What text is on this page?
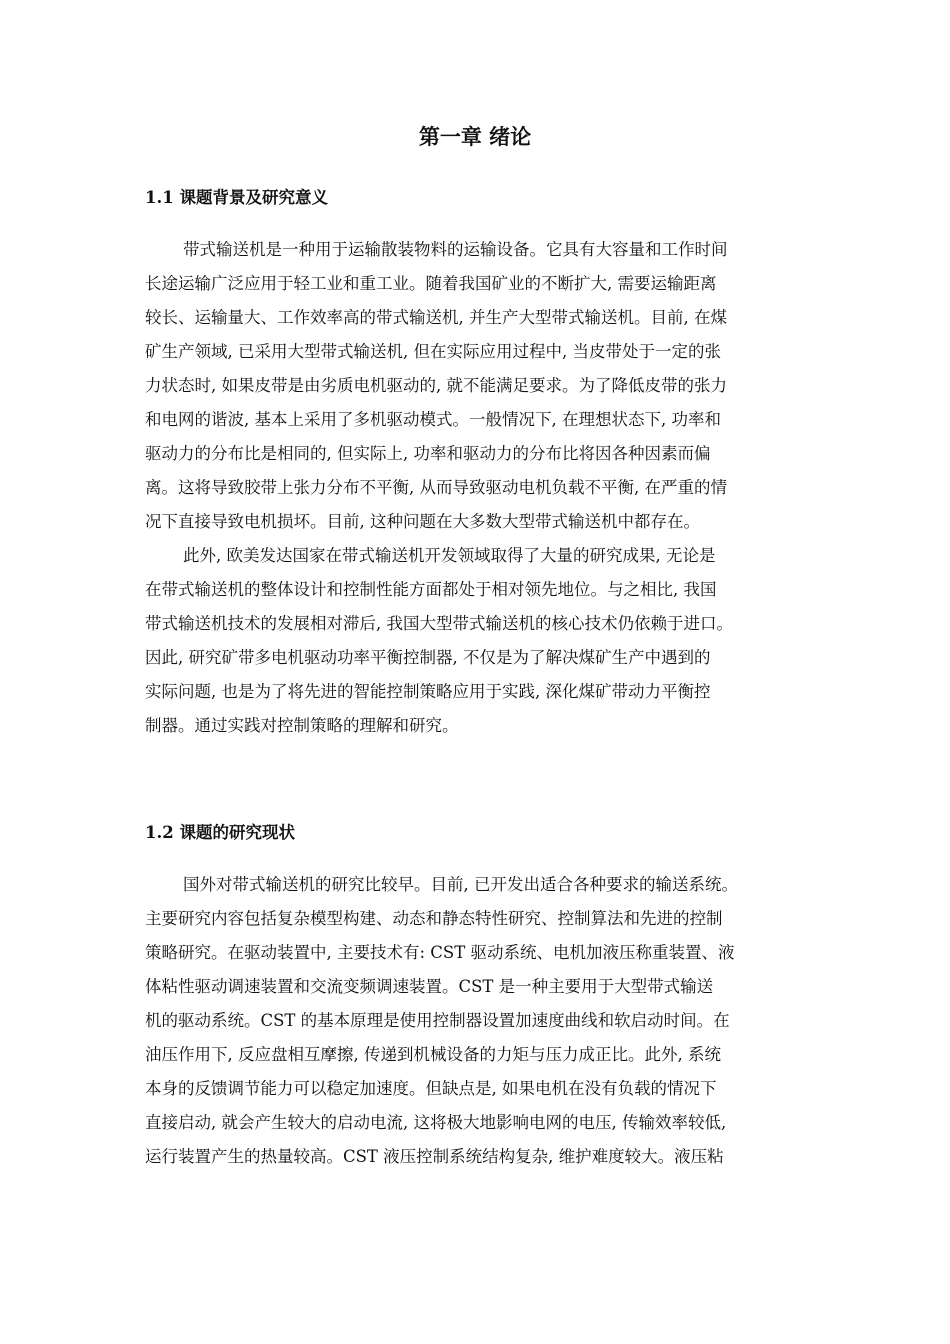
第一章 绪论
1.1 课题背景及研究意义

带式输送机是一种用于运输散装物料的运输设备。它具有大容量和工作时间

长途运输广泛应用于轻工业和重工业。随着我国矿业的不断扩大, 需要运输距离

较长、运输量大、工作效率高的带式输送机, 并生产大型带式输送机。目前, 在煤

矿生产领域, 已采用大型带式输送机, 但在实际应用过程中, 当皮带处于一定的张

力状态时, 如果皮带是由劣质电机驱动的, 就不能满足要求。为了降低皮带的张力

和电网的谐波, 基本上采用了多机驱动模式。一般情况下, 在理想状态下, 功率和

驱动力的分布比是相同的, 但实际上, 功率和驱动力的分布比将因各种因素而偏

离。这将导致胶带上张力分布不平衡, 从而导致驱动电机负载不平衡, 在严重的情

况下直接导致电机损坏。目前, 这种问题在大多数大型带式输送机中都存在。

此外, 欧美发达国家在带式输送机开发领域取得了大量的研究成果, 无论是

在带式输送机的整体设计和控制性能方面都处于相对领先地位。与之相比, 我国

带式输送机技术的发展相对滞后, 我国大型带式输送机的核心技术仍依赖于进口。

因此, 研究矿带多电机驱动功率平衡控制器, 不仅是为了解决煤矿生产中遇到的

实际问题, 也是为了将先进的智能控制策略应用于实践, 深化煤矿带动力平衡控

制器。通过实践对控制策略的理解和研究。

1.2 课题的研究现状

国外对带式输送机的研究比较早。目前, 已开发出适合各种要求的输送系统。

主要研究内容包括复杂模型构建、动态和静态特性研究、控制算法和先进的控制

策略研究。在驱动装置中, 主要技术有: CST 驱动系统、电机加液压称重装置、液

体粘性驱动调速装置和交流变频调速装置。CST 是一种主要用于大型带式输送

机的驱动系统。CST 的基本原理是使用控制器设置加速度曲线和软启动时间。在

油压作用下, 反应盘相互摩擦, 传递到机械设备的力矩与压力成正比。此外, 系统

本身的反馈调节能力可以稳定加速度。但缺点是, 如果电机在没有负载的情况下

直接启动, 就会产生较大的启动电流, 这将极大地影响电网的电压, 传输效率较低,

运行装置产生的热量较高。CST 液压控制系统结构复杂, 维护难度较大。液压粘
